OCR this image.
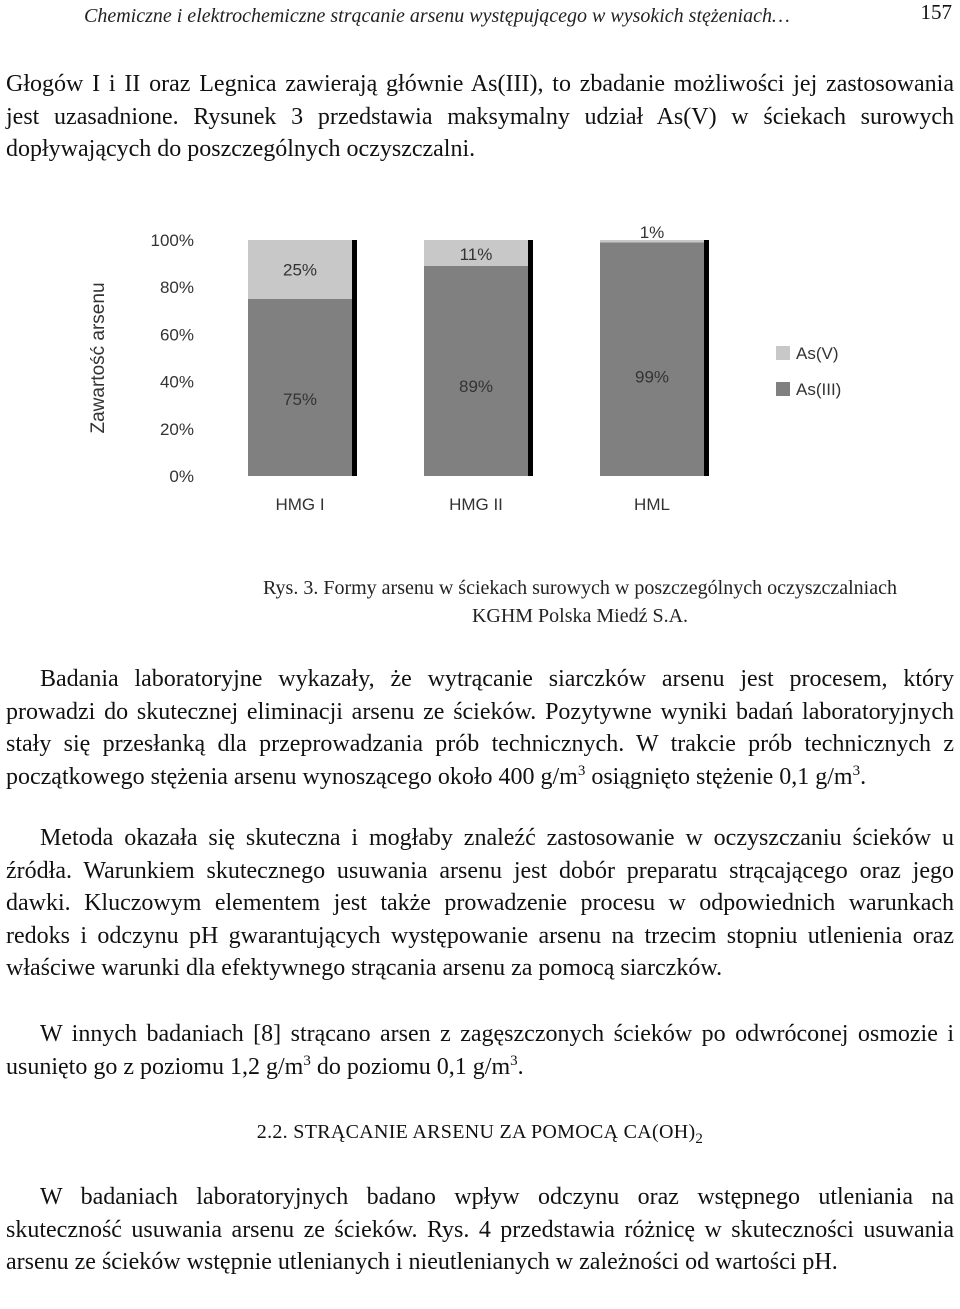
Chemiczne i elektrochemiczne strącanie arsenu występującego w wysokich stężeniach…	157

Głogów I i II oraz Legnica zawierają głównie As(III), to zbadanie możliwości jej zastosowania jest uzasadnione. Rysunek 3 przedstawia maksymalny udział As(V) w ściekach surowych dopływających do poszczególnych oczyszczalni.

Zawartość arsenu
0%
20%
40%
60%
80%
100%
75%
25%
HMG I
89%
11%
HMG II
99%
1%
HML
As(V)
As(III)
Rys. 3. Formy arsenu w ściekach surowych w poszczególnych oczyszczalniach
KGHM Polska Miedź S.A.

Badania laboratoryjne wykazały, że wytrącanie siarczków arsenu jest procesem, który prowadzi do skutecznej eliminacji arsenu ze ścieków. Pozytywne wyniki badań laboratoryjnych stały się przesłanką dla przeprowadzania prób technicznych. W trakcie prób technicznych z początkowego stężenia arsenu wynoszącego około 400 $g/m^3$ osiągnięto stężenie 0,1 $g/m^3$.

Metoda okazała się skuteczna i mogłaby znaleźć zastosowanie w oczyszczaniu ścieków u źródła. Warunkiem skutecznego usuwania arsenu jest dobór preparatu strącającego oraz jego dawki. Kluczowym elementem jest także prowadzenie procesu w odpowiednich warunkach redoks i odczynu pH gwarantujących występowanie arsenu na trzecim stopniu utlenienia oraz właściwe warunki dla efektywnego strącania arsenu za pomocą siarczków.

W innych badaniach [8] strącano arsen z zagęszczonych ścieków po odwróconej osmozie i usunięto go z poziomu 1,2 $g/m^3$ do poziomu 0,1 $g/m^3$.

2.2. STRĄCANIE ARSENU ZA POMOCĄ $CA(OH)_2$

W badaniach laboratoryjnych badano wpływ odczynu oraz wstępnego utleniania na skuteczność usuwania arsenu ze ścieków. Rys. 4 przedstawia różnicę w skuteczności usuwania arsenu ze ścieków wstępnie utlenianych i nieutlenianych w zależności od wartości pH.
